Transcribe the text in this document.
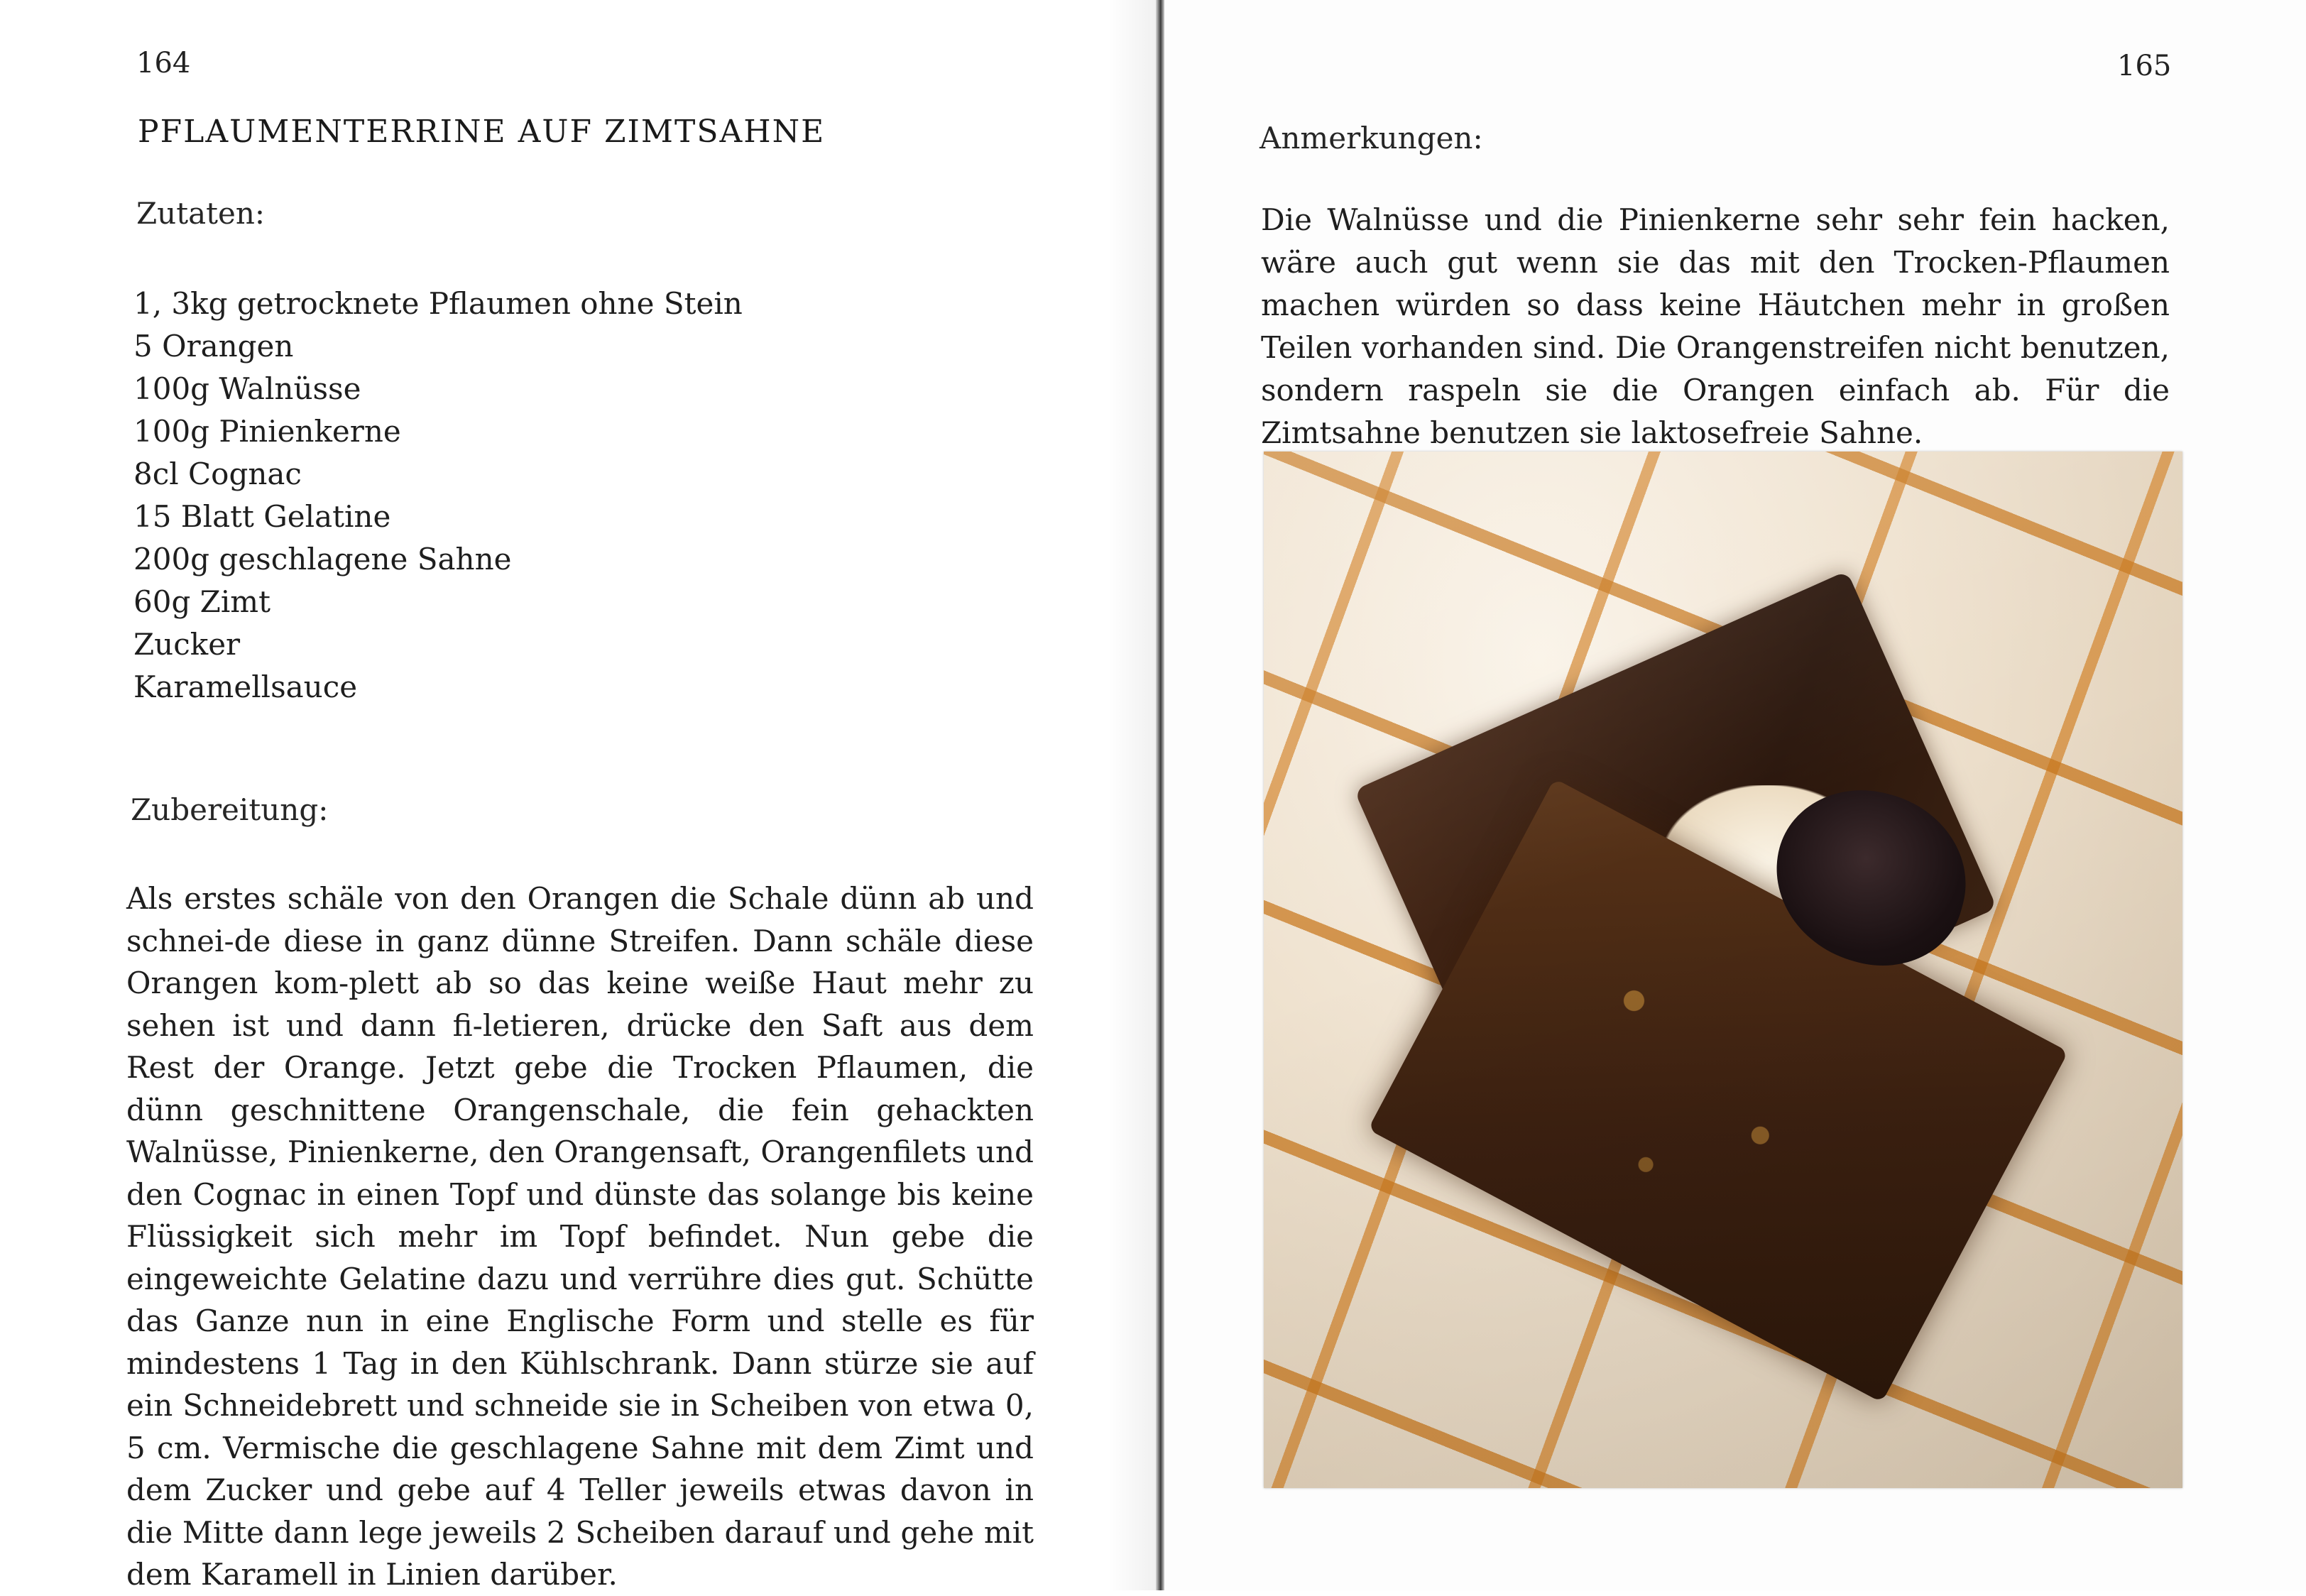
164
PFLAUMENTERRINE AUF ZIMTSAHNE
Zutaten:
1, 3kg getrocknete Pflaumen ohne Stein
5 Orangen
100g Walnüsse
100g Pinienkerne
8cl Cognac
15 Blatt Gelatine
200g geschlagene Sahne
60g Zimt
Zucker
Karamellsauce
Zubereitung:

Als erstes schäle von den Orangen die Schale dünn ab und schnei-de diese in ganz dünne Streifen. Dann schäle diese Orangen kom-plett ab so das keine weiße Haut mehr zu sehen ist und dann fi-letieren, drücke den Saft aus dem Rest der Orange. Jetzt gebe die Trocken Pflaumen, die dünn geschnittene Orangenschale, die fein gehackten Walnüsse, Pinienkerne, den Orangensaft, Orangenfilets und den Cognac in einen Topf und dünste das solange bis keine Flüssigkeit sich mehr im Topf befindet. Nun gebe die eingeweichte Gelatine dazu und verrühre dies gut. Schütte das Ganze nun in eine Englische Form und stelle es für mindestens 1 Tag in den Kühlschrank. Dann stürze sie auf ein Schneidebrett und schneide sie in Scheiben von etwa 0, 5 cm. Vermische die geschlagene Sahne mit dem Zimt und dem Zucker und gebe auf 4 Teller jeweils etwas davon in die Mitte dann lege jeweils 2 Scheiben darauf und gehe mit dem Karamell in Linien darüber.

165
Anmerkungen:

Die Walnüsse und die Pinienkerne sehr sehr fein hacken, wäre auch gut wenn sie das mit den Trocken-Pflaumen machen würden so dass keine Häutchen mehr in großen Teilen vorhanden sind. Die Orangenstreifen nicht benutzen, sondern raspeln sie die Orangen einfach ab. Für die Zimtsahne benutzen sie laktosefreie Sahne.
